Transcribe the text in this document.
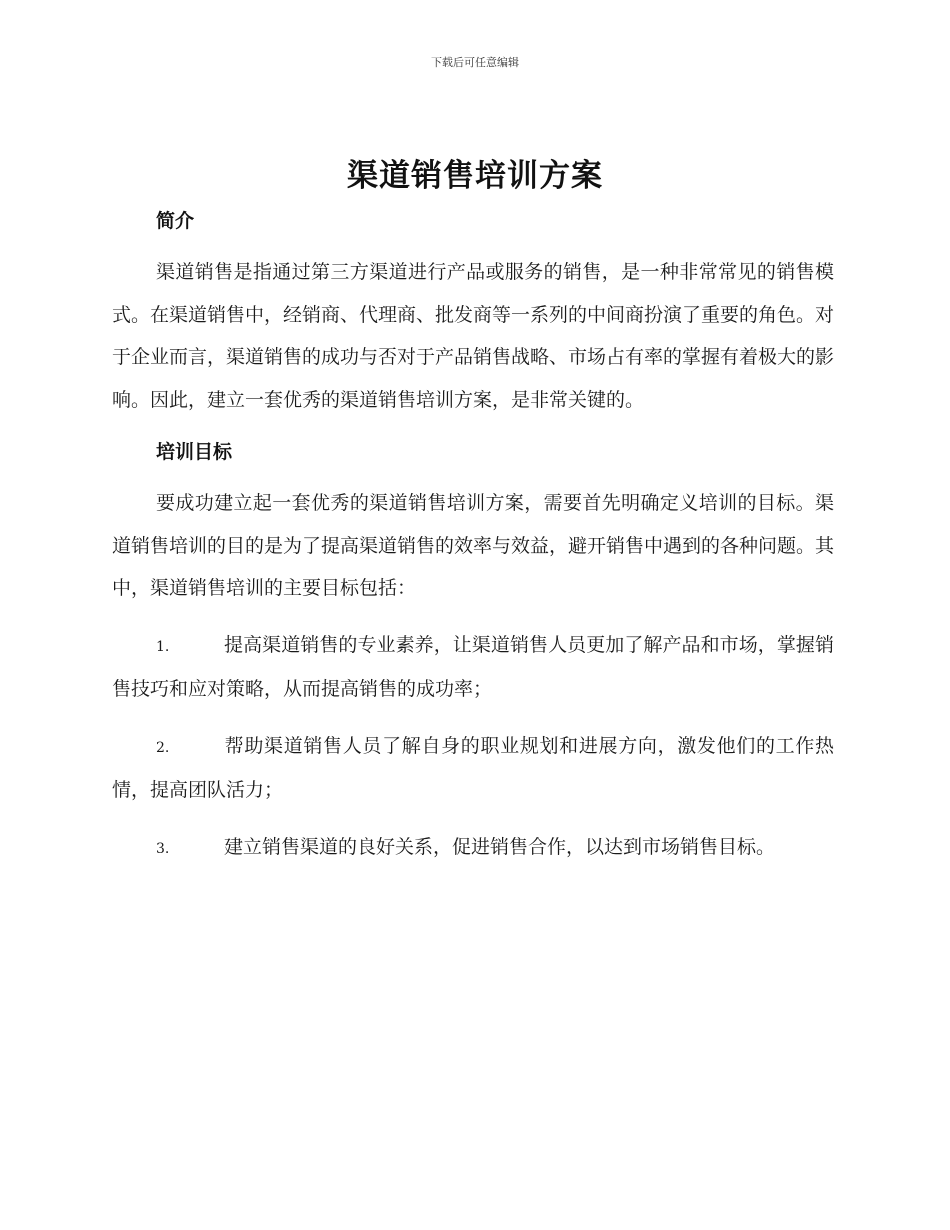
下载后可任意编辑
渠道销售培训方案
简介

渠道销售是指通过第三方渠道进行产品或服务的销售，是一种非常常见的销售模式。在渠道销售中，经销商、代理商、批发商等一系列的中间商扮演了重要的角色。对于企业而言，渠道销售的成功与否对于产品销售战略、市场占有率的掌握有着极大的影响。因此，建立一套优秀的渠道销售培训方案，是非常关键的。

培训目标

要成功建立起一套优秀的渠道销售培训方案，需要首先明确定义培训的目标。渠道销售培训的目的是为了提高渠道销售的效率与效益，避开销售中遇到的各种问题。其中，渠道销售培训的主要目标包括：

1.	提高渠道销售的专业素养，让渠道销售人员更加了解产品和市场，掌握销售技巧和应对策略，从而提高销售的成功率；

2.	帮助渠道销售人员了解自身的职业规划和进展方向，激发他们的工作热情，提高团队活力；

3.	建立销售渠道的良好关系，促进销售合作，以达到市场销售目标。
